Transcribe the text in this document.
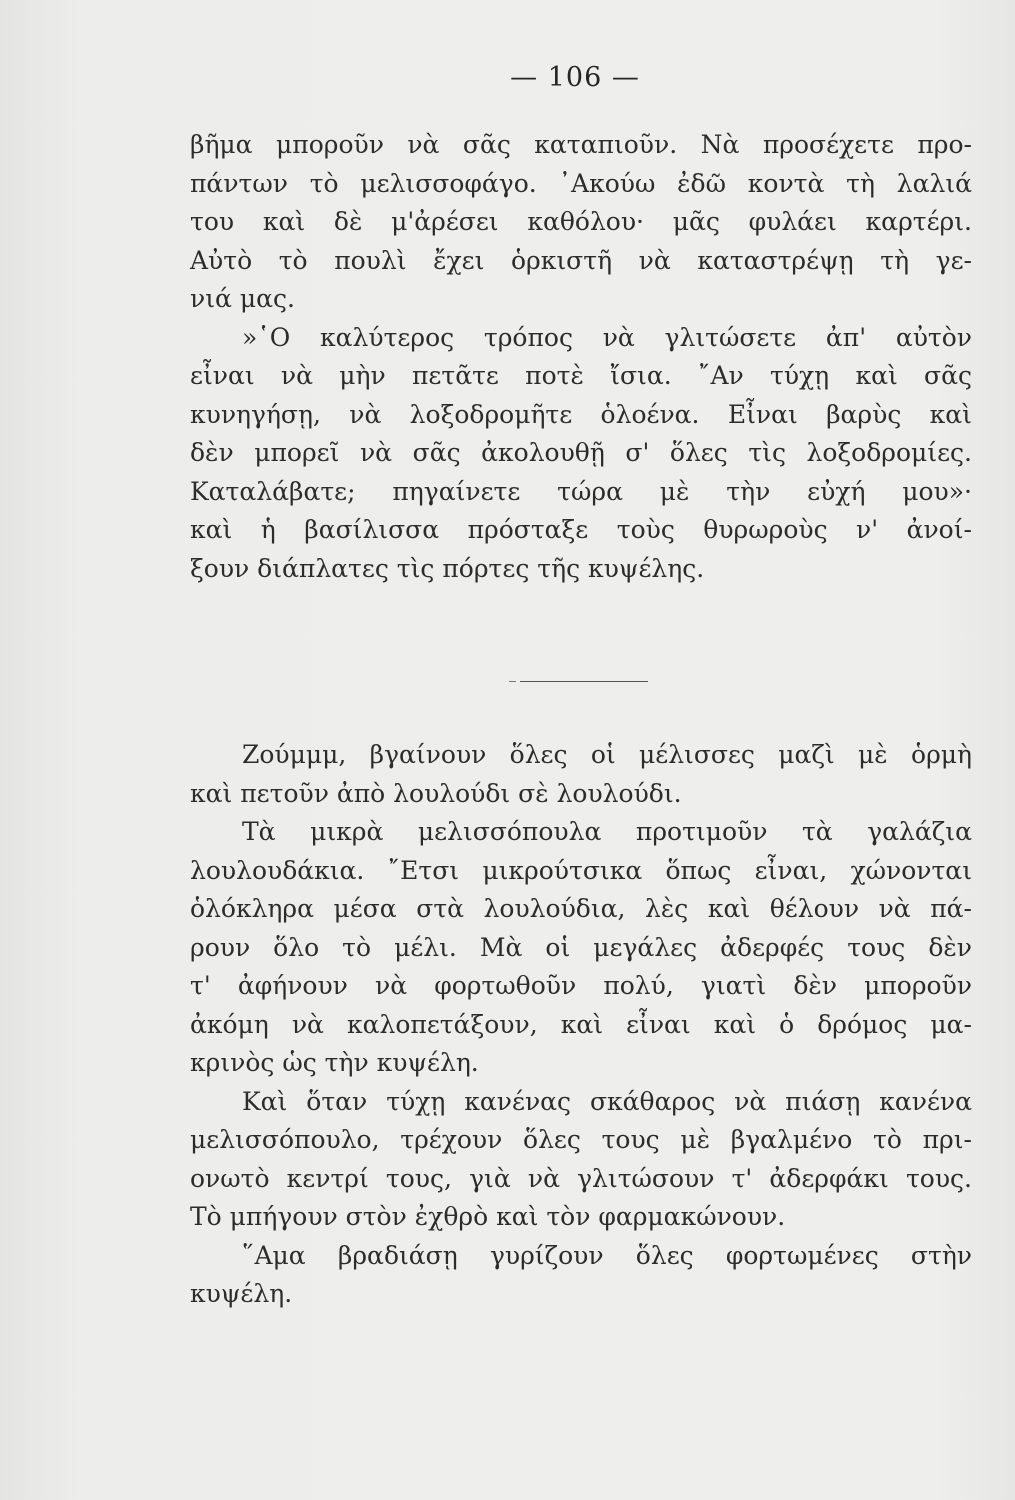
— 106 —
βῆμα μποροῦν νὰ σᾶς καταπιοῦν. Νὰ προσέχετε προ-
πάντων τὸ μελισσοφάγο. ᾿Ακούω ἐδῶ κοντὰ τὴ λαλιά
του καὶ δὲ μ'ἀρέσει καθόλου· μᾶς φυλάει καρτέρι.
Αὐτὸ τὸ πουλὶ ἔχει ὁρκιστῆ νὰ καταστρέψῃ τὴ γε-
νιά μας.
»῾Ο καλύτερος τρόπος νὰ γλιτώσετε ἀπ' αὐτὸν
εἶναι νὰ μὴν πετᾶτε ποτὲ ἴσια. ῎Αν τύχῃ καὶ σᾶς
κυνηγήσῃ, νὰ λοξοδρομῆτε ὁλοένα. Εἶναι βαρὺς καὶ
δὲν μπορεῖ νὰ σᾶς ἀκολουθῇ σ' ὅλες τὶς λοξοδρομίες.
Καταλάβατε; πηγαίνετε τώρα μὲ τὴν εὐχή μου»·
καὶ ἡ βασίλισσα πρόσταξε τοὺς θυρωροὺς ν' ἀνοί-
ξουν διάπλατες τὶς πόρτες τῆς κυψέλης.
Ζούμμμ, βγαίνουν ὅλες οἱ μέλισσες μαζὶ μὲ ὁρμὴ
καὶ πετοῦν ἀπὸ λουλούδι σὲ λουλούδι.
Τὰ μικρὰ μελισσόπουλα προτιμοῦν τὰ γαλάζια
λουλουδάκια. ῎Ετσι μικρούτσικα ὅπως εἶναι, χώνονται
ὁλόκληρα μέσα στὰ λουλούδια, λὲς καὶ θέλουν νὰ πά-
ρουν ὅλο τὸ μέλι. Μὰ οἱ μεγάλες ἀδερφές τους δὲν
τ' ἀφήνουν νὰ φορτωθοῦν πολύ, γιατὶ δὲν μποροῦν
ἀκόμη νὰ καλοπετάξουν, καὶ εἶναι καὶ ὁ δρόμος μα-
κρινὸς ὡς τὴν κυψέλη.
Καὶ ὅταν τύχῃ κανένας σκάθαρος νὰ πιάσῃ κανένα
μελισσόπουλο, τρέχουν ὅλες τους μὲ βγαλμένο τὸ πρι-
ονωτὸ κεντρί τους, γιὰ νὰ γλιτώσουν τ' ἀδερφάκι τους.
Τὸ μπήγουν στὸν ἐχθρὸ καὶ τὸν φαρμακώνουν.
῞Αμα βραδιάσῃ γυρίζουν ὅλες φορτωμένες στὴν
κυψέλη.
